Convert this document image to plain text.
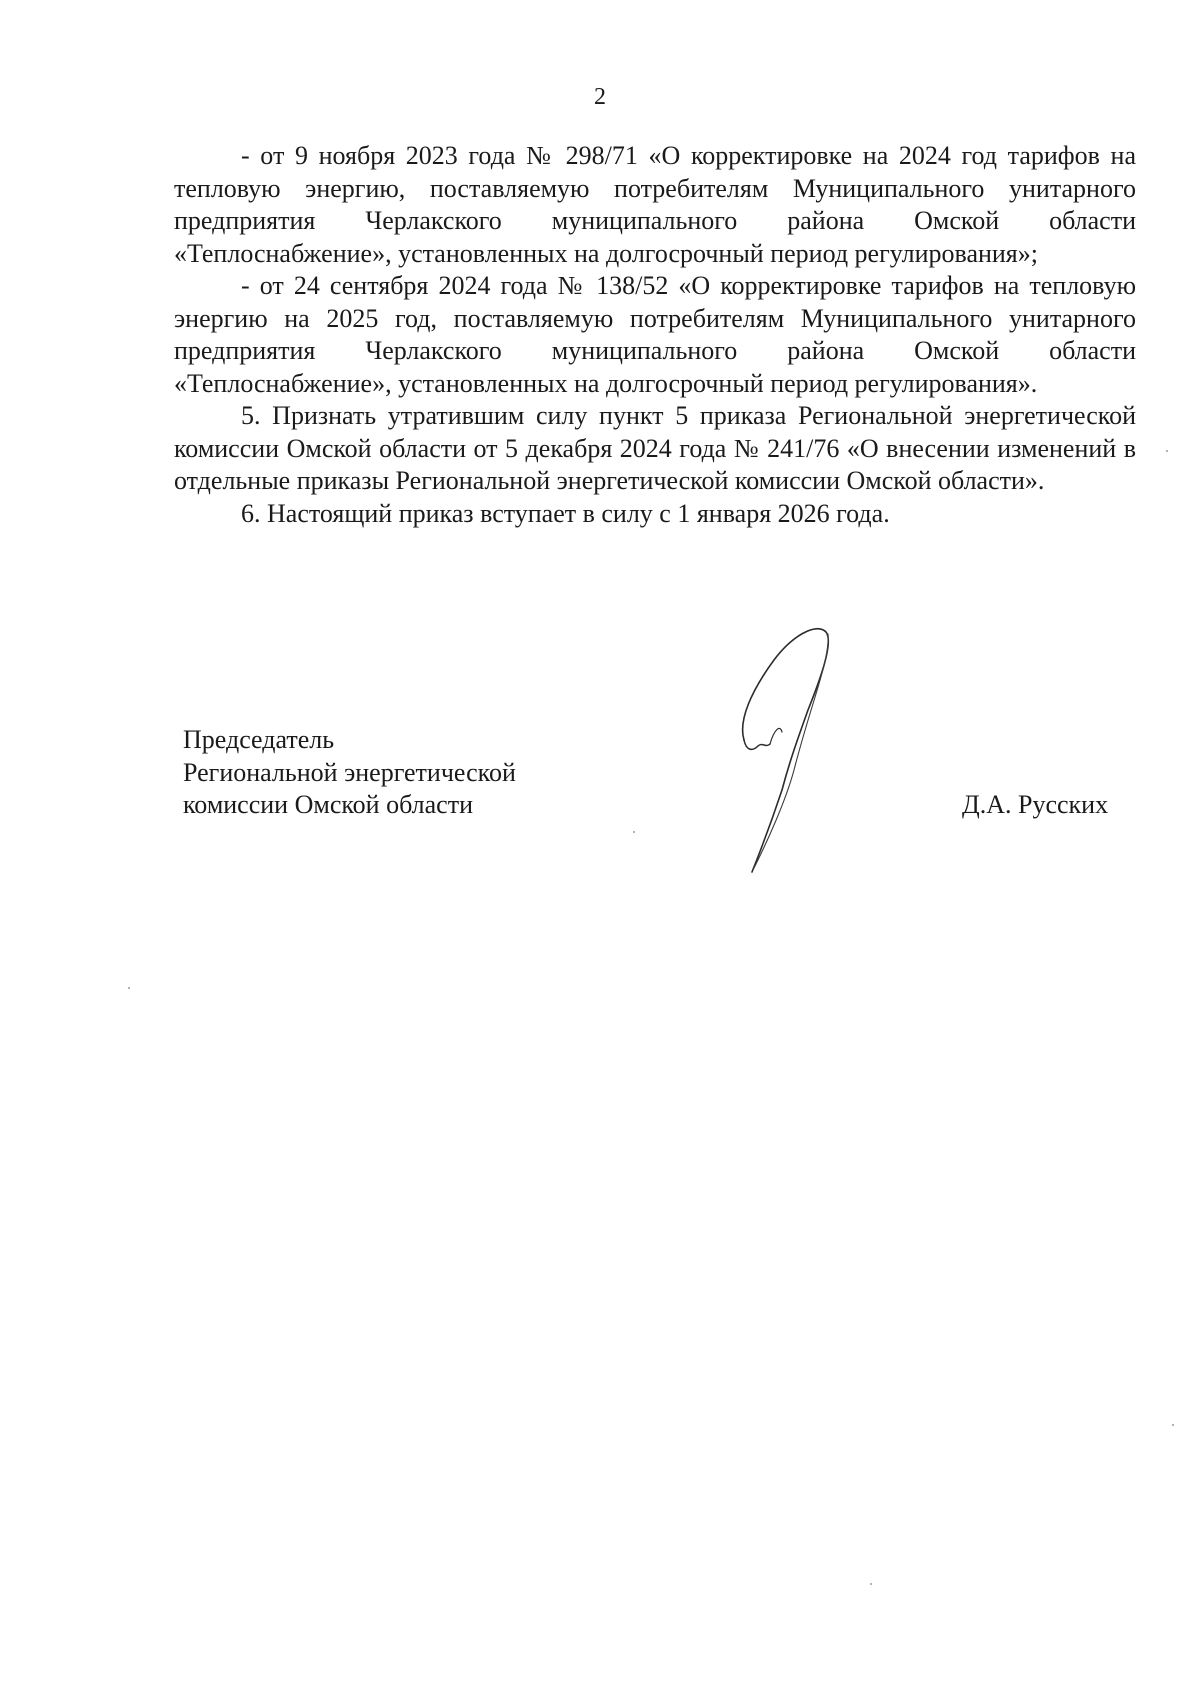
2

- от 9 ноября 2023 года № 298/71 «О корректировке на 2024 год тарифов на тепловую энергию, поставляемую потребителям Муниципального унитарного предприятия Черлакского муниципального района Омской области «Теплоснабжение», установленных на долгосрочный период регулирования»;

- от 24 сентября 2024 года № 138/52 «О корректировке тарифов на тепловую энергию на 2025 год, поставляемую потребителям Муниципального унитарного предприятия Черлакского муниципального района Омской области «Теплоснабжение», установленных на долгосрочный период регулирования».

5. Признать утратившим силу пункт 5 приказа Региональной энергетической комиссии Омской области от 5 декабря 2024 года № 241/76 «О внесении изменений в отдельные приказы Региональной энергетической комиссии Омской области».

6. Настоящий приказ вступает в силу с 1 января 2026 года.

Председатель
Региональной энергетической
комиссии Омской области	Д.А. Русских
